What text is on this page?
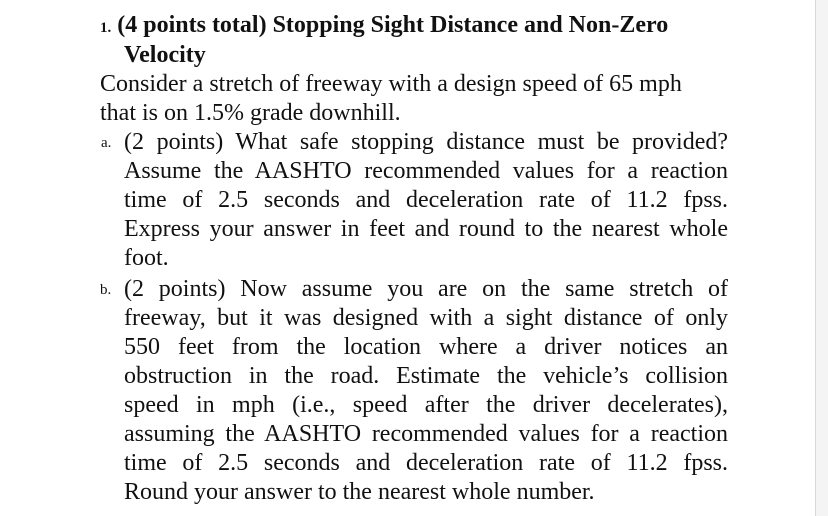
1. (4 points total) Stopping Sight Distance and Non-Zero
Velocity
Consider a stretch of freeway with a design speed of 65 mph
that is on 1.5% grade downhill.
a. (2 points) What safe stopping distance must be provided?
Assume the AASHTO recommended values for a reaction
time of 2.5 seconds and deceleration rate of 11.2 fpss.
Express your answer in feet and round to the nearest whole
foot.
b. (2 points) Now assume you are on the same stretch of
freeway, but it was designed with a sight distance of only
550 feet from the location where a driver notices an
obstruction in the road. Estimate the vehicle’s collision
speed in mph (i.e., speed after the driver decelerates),
assuming the AASHTO recommended values for a reaction
time of 2.5 seconds and deceleration rate of 11.2 fpss.
Round your answer to the nearest whole number.
